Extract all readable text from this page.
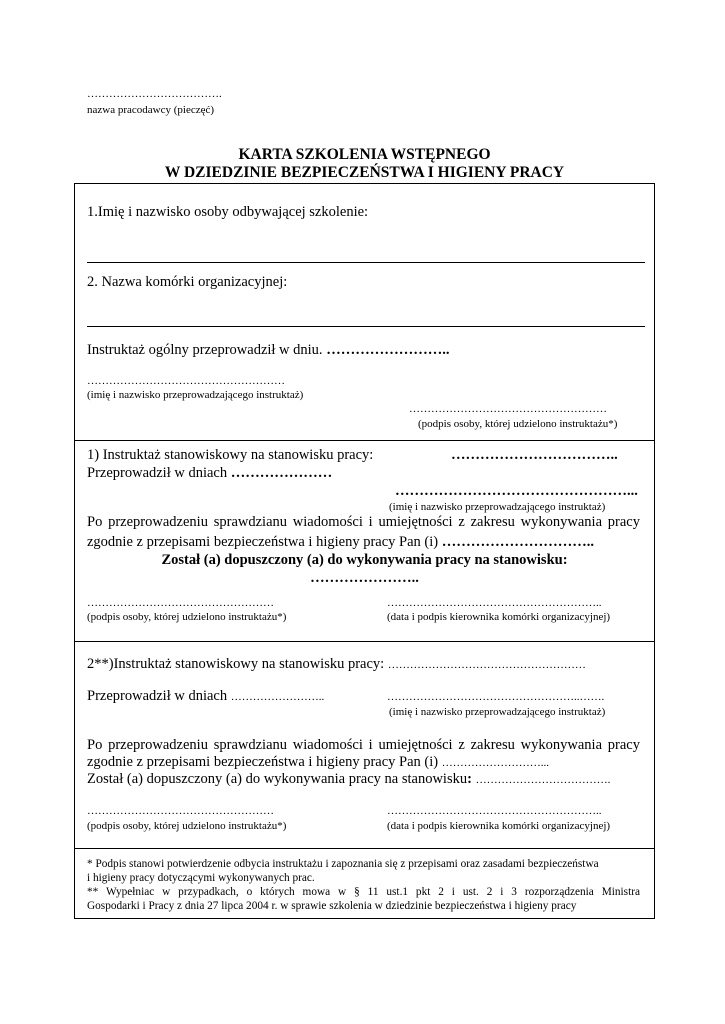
……………………………….
nazwa pracodawcy (pieczęć)
KARTA SZKOLENIA WSTĘPNEGO
W DZIEDZINIE BEZPIECZEŃSTWA I HIGIENY PRACY
1.Imię i nazwisko osoby odbywającej szkolenie:
2. Nazwa komórki organizacyjnej:
Instruktaż ogólny przeprowadził w dniu. ……………………..
………………………………………………
(imię i nazwisko przeprowadzającego instruktaż)
………………………………………………
(podpis osoby, której udzielono instruktażu*)
1) Instruktaż stanowiskowy na stanowisku pracy:	……………………………..
Przeprowadził w dniach …………………
…………………………………………...
(imię i nazwisko przeprowadzającego instruktaż)
Po przeprowadzeniu sprawdzianu wiadomości i umiejętności z zakresu wykonywania pracy
zgodnie z przepisami bezpieczeństwa i higieny pracy Pan (i) …………………………..
Został (a) dopuszczony (a) do wykonywania pracy na stanowisku:
…………………..
……………………………………………
(podpis osoby, której udzielono instruktażu*)
…………………………………………………..
(data i podpis kierownika komórki organizacyjnej)
2**)Instruktaż stanowiskowy na stanowisku pracy: ………………………………………………
Przeprowadził w dniach ……………………..	……………………………………………..…….
(imię i nazwisko przeprowadzającego instruktaż)
Po przeprowadzeniu sprawdzianu wiadomości i umiejętności z zakresu wykonywania pracy
zgodnie z przepisami bezpieczeństwa i higieny pracy Pan (i) ………………………...
Został (a) dopuszczony (a) do wykonywania pracy na stanowisku: ……………………………….
……………………………………………
(podpis osoby, której udzielono instruktażu*)
…………………………………………………..
(data i podpis kierownika komórki organizacyjnej)
* Podpis stanowi potwierdzenie odbycia instruktażu i zapoznania się z przepisami oraz zasadami bezpieczeństwa
i higieny pracy dotyczącymi wykonywanych prac.
** Wypełniac w przypadkach, o których mowa w § 11 ust.1 pkt 2 i ust. 2 i 3 rozporządzenia Ministra
Gospodarki i Pracy z dnia 27 lipca 2004 r. w sprawie szkolenia w dziedzinie bezpieczeństwa i higieny pracy
